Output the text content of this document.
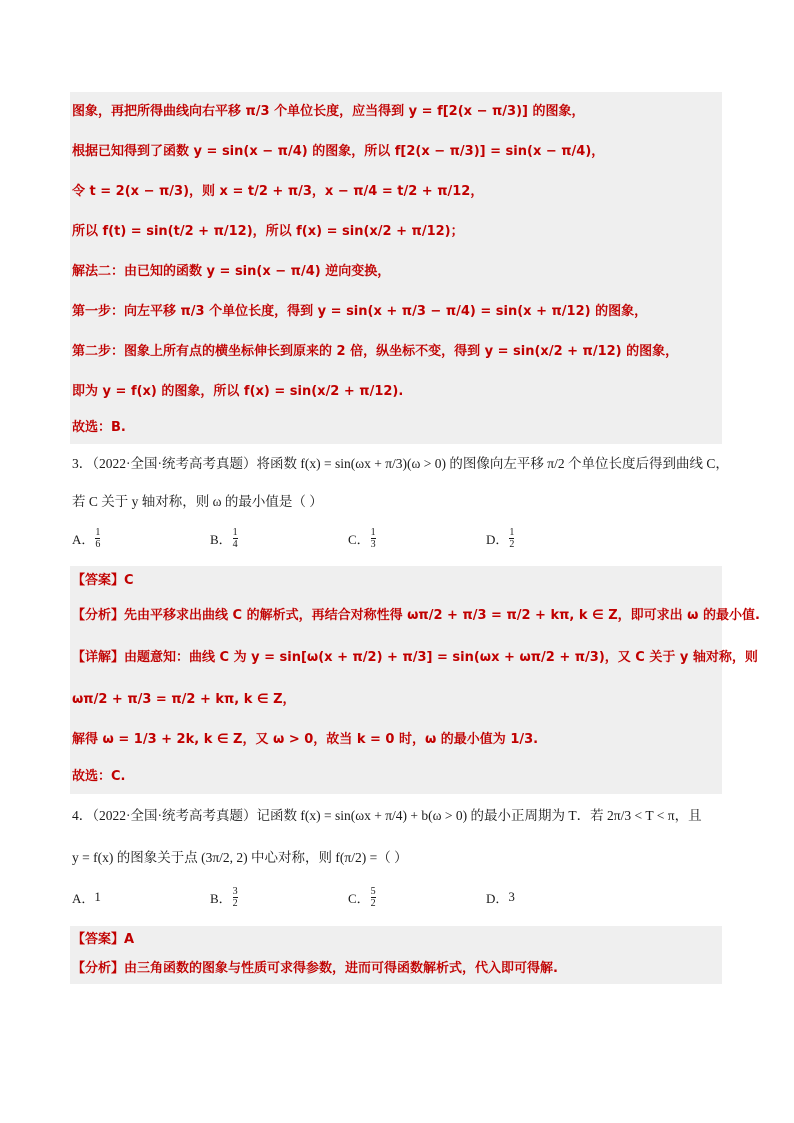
图象，再把所得曲线向右平移 π/3 个单位长度，应当得到 y = f[2(x − π/3)] 的图象，
根据已知得到了函数 y = sin(x − π/4) 的图象，所以 f[2(x − π/3)] = sin(x − π/4)，
令 t = 2(x − π/3)，则 x = t/2 + π/3，x − π/4 = t/2 + π/12，
所以 f(t) = sin(t/2 + π/12)，所以 f(x) = sin(x/2 + π/12)；
解法二：由已知的函数 y = sin(x − π/4) 逆向变换，
第一步：向左平移 π/3 个单位长度，得到 y = sin(x + π/3 − π/4) = sin(x + π/12) 的图象，
第二步：图象上所有点的横坐标伸长到原来的 2 倍，纵坐标不变，得到 y = sin(x/2 + π/12) 的图象，
即为 y = f(x) 的图象，所以 f(x) = sin(x/2 + π/12).
故选：B.
3．（2022·全国·统考高考真题）将函数 f(x) = sin(ωx + π/3)(ω > 0) 的图像向左平移 π/2 个单位长度后得到曲线 C，
若 C 关于 y 轴对称，则 ω 的最小值是（ ）
A． $\frac{1}{6}$	B． $\frac{1}{4}$	C． $\frac{1}{3}$	D． $\frac{1}{2}$
【答案】C
【分析】先由平移求出曲线 C 的解析式，再结合对称性得 ωπ/2 + π/3 = π/2 + kπ, k ∈ Z，即可求出 ω 的最小值.
【详解】由题意知：曲线 C 为 y = sin[ω(x + π/2) + π/3] = sin(ωx + ωπ/2 + π/3)，又 C 关于 y 轴对称，则
ωπ/2 + π/3 = π/2 + kπ, k ∈ Z，
解得 ω = 1/3 + 2k, k ∈ Z，又 ω > 0，故当 k = 0 时，ω 的最小值为 1/3.
故选：C.
4．（2022·全国·统考高考真题）记函数 f(x) = sin(ωx + π/4) + b(ω > 0) 的最小正周期为 T．若 2π/3 < T < π，且
y = f(x) 的图象关于点 (3π/2, 2) 中心对称，则 f(π/2) =（ ）
A． 1	B． $\frac{3}{2}$	C． $\frac{5}{2}$	D． 3
【答案】A
【分析】由三角函数的图象与性质可求得参数，进而可得函数解析式，代入即可得解.
